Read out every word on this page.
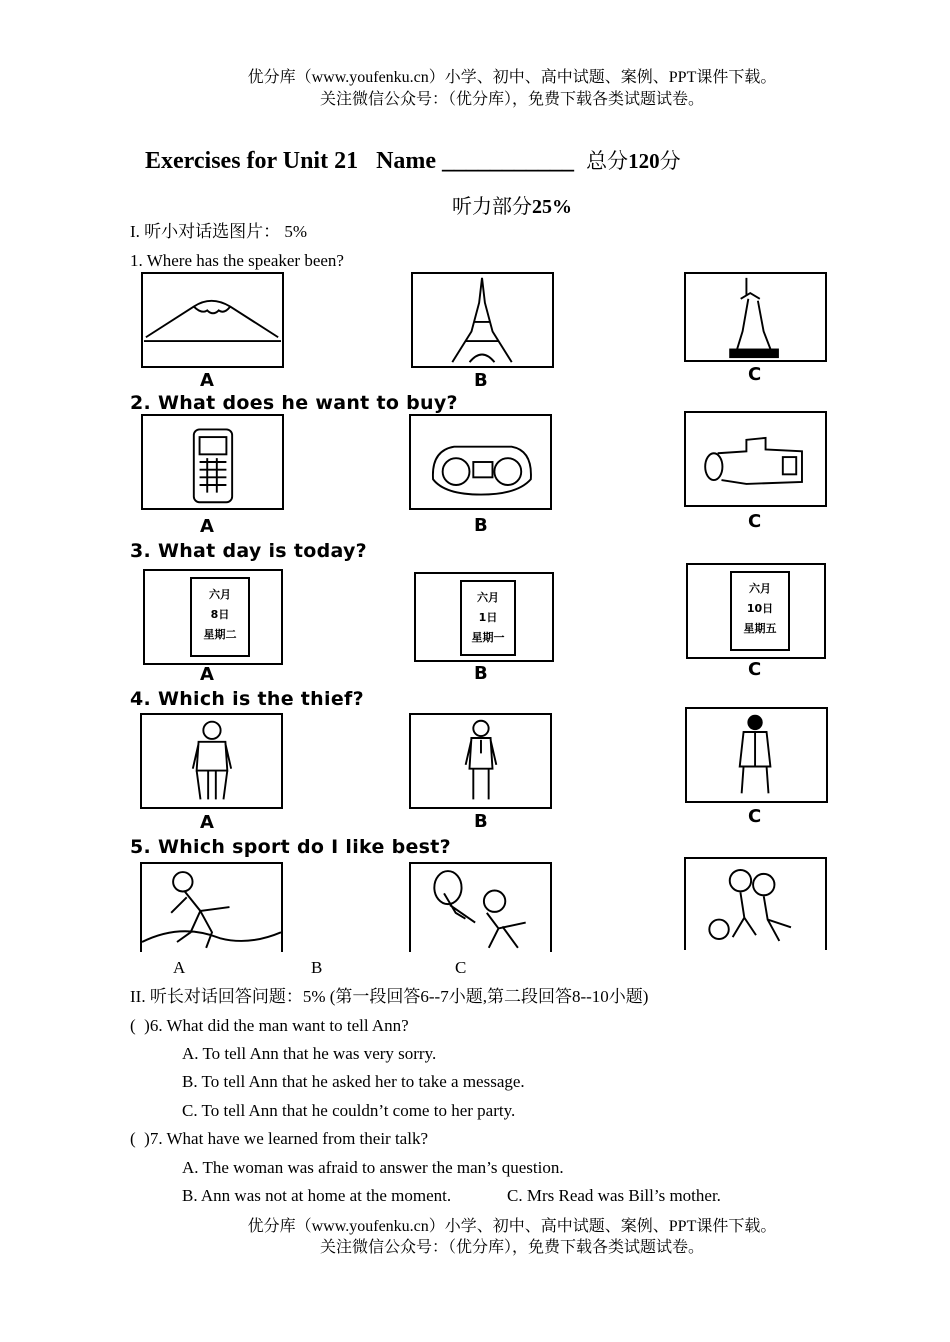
优分库（www.youfenku.cn）小学、初中、高中试题、案例、PPT课件下载。
关注微信公众号：（优分库），免费下载各类试题试卷。
Exercises for Unit 21   Name ___________  总分120分
听力部分25%
I. 听小对话选图片： 5%
1. Where has the speaker been?
A	B	C
2. What does he want to buy?
A	B	C
3. What day is today?
六月
8日
星期二
六月
1日
星期一
六月
10日
星期五
A	B	C
4. Which is the thief?
A	B	C
5. Which sport do I like best?
A	B	C
II. 听长对话回答问题：5% (第一段回答6--7小题,第二段回答8--10小题)
(  )6. What did the man want to tell Ann?
A. To tell Ann that he was very sorry.
B. To tell Ann that he asked her to take a message.
C. To tell Ann that he couldn’t come to her party.
(  )7. What have we learned from their talk?
A. The woman was afraid to answer the man’s question.
B. Ann was not at home at the moment.	C. Mrs Read was Bill’s mother.
优分库（www.youfenku.cn）小学、初中、高中试题、案例、PPT课件下载。
关注微信公众号：（优分库），免费下载各类试题试卷。
